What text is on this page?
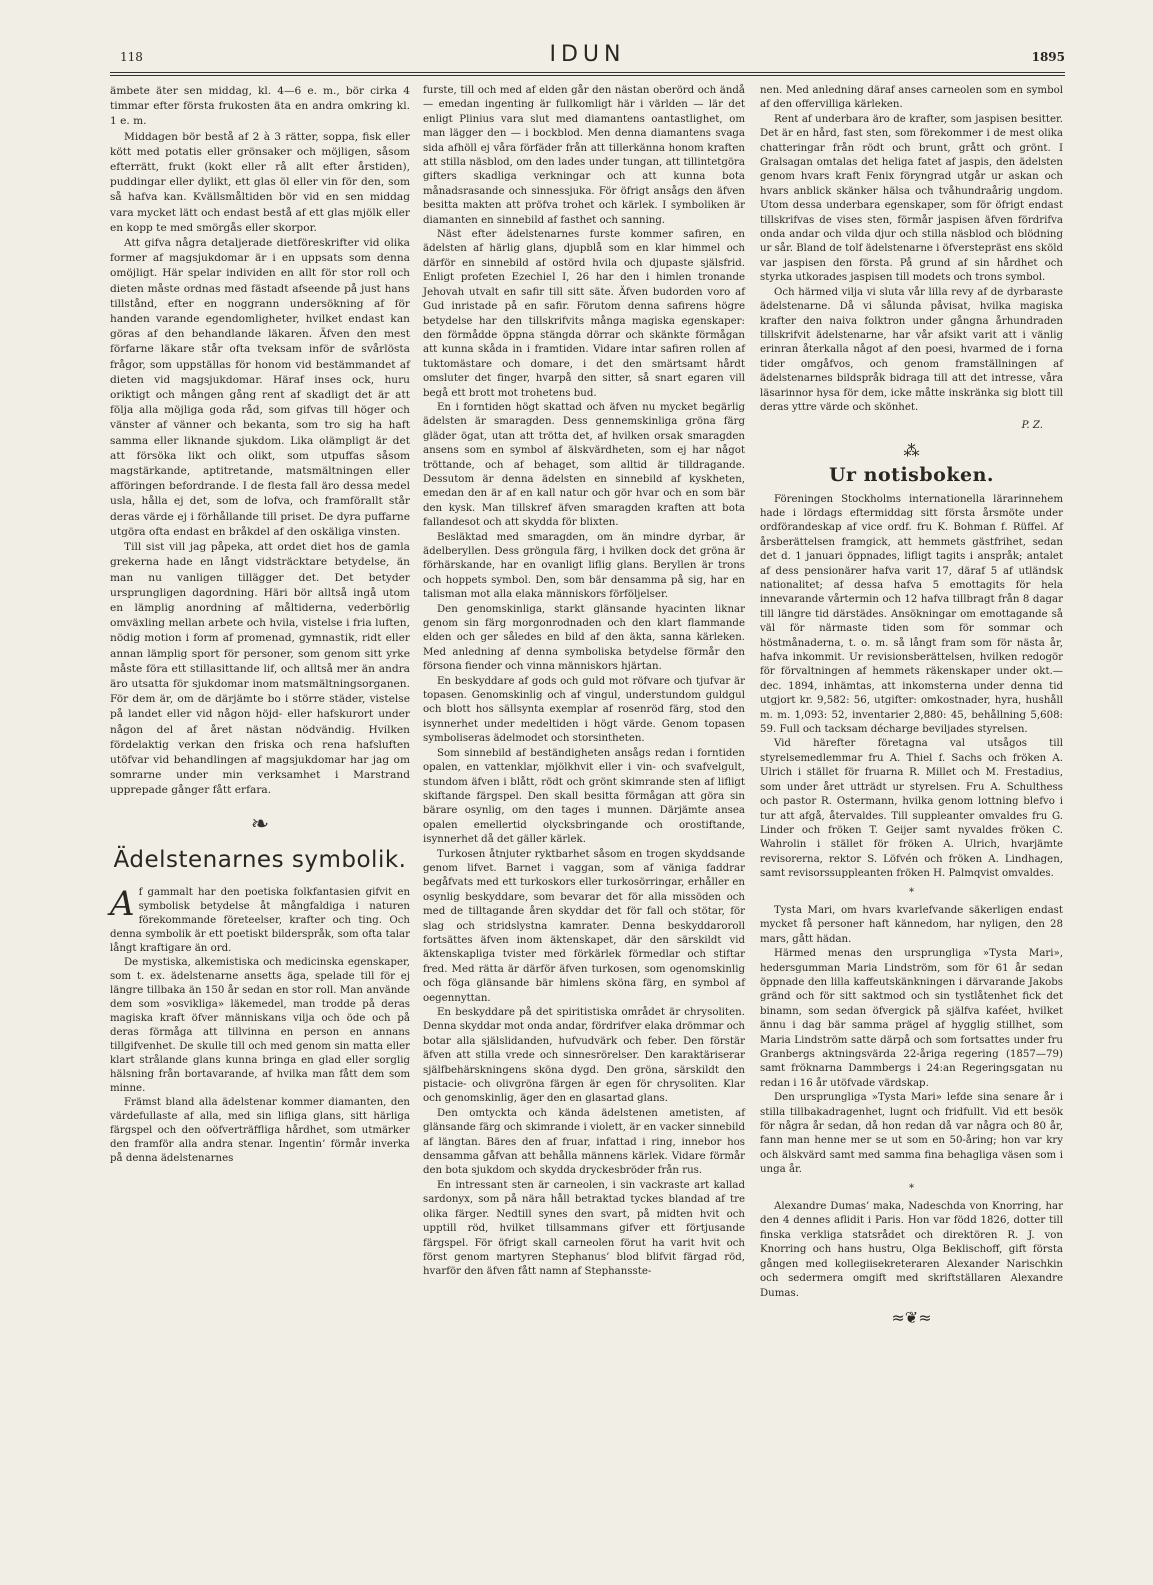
118	IDUN	1895

ämbete äter sen middag, kl. 4—6 e. m., bör cirka 4 timmar efter första frukosten äta en andra omkring kl. 1 e. m.

Middagen bör bestå af 2 à 3 rätter, soppa, fisk eller kött med potatis eller grönsaker och möjligen, såsom efterrätt, frukt (kokt eller rå allt efter årstiden), puddingar eller dylikt, ett glas öl eller vin för den, som så hafva kan. Kvällsmåltiden bör vid en sen middag vara mycket lätt och endast bestå af ett glas mjölk eller en kopp te med smörgås eller skorpor.

Att gifva några detaljerade dietföreskrifter vid olika former af magsjukdomar är i en uppsats som denna omöjligt. Här spelar individen en allt för stor roll och dieten måste ordnas med fästadt afseende på just hans tillstånd, efter en noggrann undersökning af för handen varande egendomligheter, hvilket endast kan göras af den behandlande läkaren. Äfven den mest förfarne läkare står ofta tveksam inför de svårlösta frågor, som uppställas för honom vid bestämmandet af dieten vid magsjukdomar. Häraf inses ock, huru oriktigt och mången gång rent af skadligt det är att följa alla möjliga goda råd, som gifvas till höger och vänster af vänner och bekanta, som tro sig ha haft samma eller liknande sjukdom. Lika olämpligt är det att försöka likt och olikt, som utpuffas såsom magstärkande, aptitretande, matsmältningen eller afföringen befordrande. I de flesta fall äro dessa medel usla, hålla ej det, som de lofva, och framförallt står deras värde ej i förhållande till priset. De dyra puffarne utgöra ofta endast en bråkdel af den oskäliga vinsten.

Till sist vill jag påpeka, att ordet diet hos de gamla grekerna hade en långt vidsträcktare betydelse, än man nu vanligen tillägger det. Det betyder ursprungligen dagordning. Häri bör alltså ingå utom en lämplig anordning af måltiderna, vederbörlig omväxling mellan arbete och hvila, vistelse i fria luften, nödig motion i form af promenad, gymnastik, ridt eller annan lämplig sport för personer, som genom sitt yrke måste föra ett stillasittande lif, och alltså mer än andra äro utsatta för sjukdomar inom matsmältningsorganen. För dem är, om de därjämte bo i större städer, vistelse på landet eller vid någon höjd- eller hafskurort under någon del af året nästan nödvändig. Hvilken fördelaktig verkan den friska och rena hafsluften utöfvar vid behandlingen af magsjukdomar har jag om somrarne under min verksamhet i Marstrand upprepade gånger fått erfara.

❧
Ädelstenarnes symbolik.

Af gammalt har den poetiska folkfantasien gifvit en symbolisk betydelse åt mångfaldiga i naturen förekommande företeelser, krafter och ting. Och denna symbolik är ett poetiskt bilderspråk, som ofta talar långt kraftigare än ord.

De mystiska, alkemistiska och medicinska egenskaper, som t. ex. ädelstenarne ansetts äga, spelade till för ej längre tillbaka än 150 år sedan en stor roll. Man använde dem som »osvikliga» läkemedel, man trodde på deras magiska kraft öfver människans vilja och öde och på deras förmåga att tillvinna en person en annans tillgifvenhet. De skulle till och med genom sin matta eller klart strålande glans kunna bringa en glad eller sorglig hälsning från bortavarande, af hvilka man fått dem som minne.

Främst bland alla ädelstenar kommer diamanten, den värdefullaste af alla, med sin lifliga glans, sitt härliga färgspel och den oöfverträffliga hårdhet, som utmärker den framför alla andra stenar. Ingentin’ förmår inverka på denna ädelstenarnes

furste, till och med af elden går den nästan oberörd och ändå — emedan ingenting är fullkomligt här i världen — lär det enligt Plinius vara slut med diamantens oantastlighet, om man lägger den — i bockblod. Men denna diamantens svaga sida afhöll ej våra förfäder från att tillerkänna honom kraften att stilla näsblod, om den lades under tungan, att tillintetgöra gifters skadliga verkningar och att kunna bota månadsrasande och sinnessjuka. För öfrigt ansågs den äfven besitta makten att pröfva trohet och kärlek. I symboliken är diamanten en sinnebild af fasthet och sanning.

Näst efter ädelstenarnes furste kommer safiren, en ädelsten af härlig glans, djupblå som en klar himmel och därför en sinnebild af ostörd hvila och djupaste själsfrid. Enligt profeten Ezechiel I, 26 har den i himlen tronande Jehovah utvalt en safir till sitt säte. Äfven budorden voro af Gud inristade på en safir. Förutom denna safirens högre betydelse har den tillskrifvits många magiska egenskaper: den förmådde öppna stängda dörrar och skänkte förmågan att kunna skåda in i framtiden. Vidare intar safiren rollen af tuktomästare och domare, i det den smärtsamt hårdt omsluter det finger, hvarpå den sitter, så snart egaren vill begå ett brott mot trohetens bud.

En i forntiden högt skattad och äfven nu mycket begärlig ädelsten är smaragden. Dess gennemskinliga gröna färg gläder ögat, utan att trötta det, af hvilken orsak smaragden ansens som en symbol af älskvärdheten, som ej har något tröttande, och af behaget, som alltid är tilldragande. Dessutom är denna ädelsten en sinnebild af kyskheten, emedan den är af en kall natur och gör hvar och en som bär den kysk. Man tillskref äfven smaragden kraften att bota fallandesot och att skydda för blixten.

Besläktad med smaragden, om än mindre dyrbar, är ädelberyllen. Dess gröngula färg, i hvilken dock det gröna är förhärskande, har en ovanligt liflig glans. Beryllen är trons och hoppets symbol. Den, som bär densamma på sig, har en talisman mot alla elaka människors förföljelser.

Den genomskinliga, starkt glänsande hyacinten liknar genom sin färg morgonrodnaden och den klart flammande elden och ger således en bild af den äkta, sanna kärleken. Med anledning af denna symboliska betydelse förmår den försona fiender och vinna människors hjärtan.

En beskyddare af gods och guld mot röfvare och tjufvar är topasen. Genomskinlig och af vingul, understundom guldgul och blott hos sällsynta exemplar af rosenröd färg, stod den isynnerhet under medeltiden i högt värde. Genom topasen symboliseras ädelmodet och storsintheten.

Som sinnebild af beständigheten ansågs redan i forntiden opalen, en vattenklar, mjölkhvit eller i vin- och svafvelgult, stundom äfven i blått, rödt och grönt skimrande sten af lifligt skiftande färgspel. Den skall besitta förmågan att göra sin bärare osynlig, om den tages i munnen. Därjämte ansea opalen emellertid olycksbringande och orostiftande, isynnerhet då det gäller kärlek.

Turkosen åtnjuter ryktbarhet såsom en trogen skyddsande genom lifvet. Barnet i vaggan, som af väniga faddrar begåfvats med ett turkoskors eller turkosörringar, erhåller en osynlig beskyddare, som bevarar det för alla missöden och med de tilltagande åren skyddar det för fall och stötar, för slag och stridslystna kamrater. Denna beskyddaroroll fortsättes äfven inom äktenskapet, där den särskildt vid äktenskapliga tvister med förkärlek förmedlar och stiftar fred. Med rätta är därför äfven turkosen, som ogenomskinlig och föga glänsande bär himlens sköna färg, en symbol af oegennyttan.

En beskyddare på det spiritistiska området är chrysoliten. Denna skyddar mot onda andar, fördrifver elaka drömmar och botar alla själslidanden, hufvudvärk och feber. Den förstär äfven att stilla vrede och sinnesrörelser. Den karaktäriserar själfbehärskningens sköna dygd. Den gröna, särskildt den pistacie- och olivgröna färgen är egen för chrysoliten. Klar och genomskinlig, äger den en glasartad glans.

Den omtyckta och kända ädelstenen ametisten, af glänsande färg och skimrande i violett, är en vacker sinnebild af längtan. Bäres den af fruar, infattad i ring, innebor hos densamma gåfvan att behålla männens kärlek. Vidare förmår den bota sjukdom och skydda dryckesbröder från rus.

En intressant sten är carneolen, i sin vackraste art kallad sardonyx, som på nära håll betraktad tyckes blandad af tre olika färger. Nedtill synes den svart, på midten hvit och upptill röd, hvilket tillsammans gifver ett förtjusande färgspel. För öfrigt skall carneolen förut ha varit hvit och först genom martyren Stephanus’ blod blifvit färgad röd, hvarför den äfven fått namn af Stephansste-

nen. Med anledning däraf anses carneolen som en symbol af den offervilliga kärleken.

Rent af underbara äro de krafter, som jaspisen besitter. Det är en hård, fast sten, som förekommer i de mest olika chatteringar från rödt och brunt, grått och grönt. I Gralsagan omtalas det heliga fatet af jaspis, den ädelsten genom hvars kraft Fenix föryngrad utgår ur askan och hvars anblick skänker hälsa och tvåhundraårig ungdom. Utom dessa underbara egenskaper, som för öfrigt endast tillskrifvas de vises sten, förmår jaspisen äfven fördrifva onda andar och vilda djur och stilla näsblod och blödning ur sår. Bland de tolf ädelstenarne i öfverstepräst ens sköld var jaspisen den första. På grund af sin hårdhet och styrka utkorades jaspisen till modets och trons symbol.

Och härmed vilja vi sluta vår lilla revy af de dyrbaraste ädelstenarne. Då vi sålunda påvisat, hvilka magiska krafter den naiva folktron under gångna århundraden tillskrifvit ädelstenarne, har vår afsikt varit att i vänlig erinran återkalla något af den poesi, hvarmed de i forna tider omgåfvos, och genom framställningen af ädelstenarnes bildspråk bidraga till att det intresse, våra läsarinnor hysa för dem, icke måtte inskränka sig blott till deras yttre värde och skönhet.

P. Z.
⁂
Ur notisboken.

Föreningen Stockholms internationella lärarinnehem hade i lördags eftermiddag sitt första årsmöte under ordförandeskap af vice ordf. fru K. Bohman f. Rüffel. Af årsberättelsen framgick, att hemmets gästfrihet, sedan det d. 1 januari öppnades, lifligt tagits i anspråk; antalet af dess pensionärer hafva varit 17, däraf 5 af utländsk nationalitet; af dessa hafva 5 emottagits för hela innevarande vårtermin och 12 hafva tillbragt från 8 dagar till längre tid därstädes. Ansökningar om emottagande så väl för närmaste tiden som för sommar och höstmånaderna, t. o. m. så långt fram som för nästa år, hafva inkommit. Ur revisionsberättelsen, hvilken redogör för förvaltningen af hemmets räkenskaper under okt.—dec. 1894, inhämtas, att inkomsterna under denna tid utgjort kr. 9,582: 56, utgifter: omkostnader, hyra, hushåll m. m. 1,093: 52, inventarier 2,880: 45, behållning 5,608: 59. Full och tacksam décharge beviljades styrelsen.

Vid härefter företagna val utsågos till styrelsemedlemmar fru A. Thiel f. Sachs och fröken A. Ulrich i stället för fruarna R. Millet och M. Frestadius, som under året utträdt ur styrelsen. Fru A. Schulthess och pastor R. Ostermann, hvilka genom lottning blefvo i tur att afgå, återvaldes. Till suppleanter omvaldes fru G. Linder och fröken T. Geijer samt nyvaldes fröken C. Wahrolin i stället för fröken A. Ulrich, hvarjämte revisorerna, rektor S. Löfvén och fröken A. Lindhagen, samt revisorssuppleanten fröken H. Palmqvist omvaldes.

*

Tysta Mari, om hvars kvarlefvande säkerligen endast mycket få personer haft kännedom, har nyligen, den 28 mars, gått hädan.

Härmed menas den ursprungliga »Tysta Mari», hedersgumman Maria Lindström, som för 61 år sedan öppnade den lilla kaffeutskänkningen i därvarande Jakobs gränd och för sitt saktmod och sin tystlåtenhet fick det binamn, som sedan öfvergick på själfva kaféet, hvilket ännu i dag bär samma prägel af hygglig stillhet, som Maria Lindström satte därpå och som fortsattes under fru Granbergs aktningsvärda 22-åriga regering (1857—79) samt fröknarna Dammbergs i 24:an Regeringsgatan nu redan i 16 år utöfvade värdskap.

Den ursprungliga »Tysta Mari» lefde sina senare år i stilla tillbakadragenhet, lugnt och fridfullt. Vid ett besök för några år sedan, då hon redan då var några och 80 år, fann man henne mer se ut som en 50-åring; hon var kry och älskvärd samt med samma fina behagliga väsen som i unga år.

*

Alexandre Dumas’ maka, Nadeschda von Knorring, har den 4 dennes aflidit i Paris. Hon var född 1826, dotter till finska verkliga statsrådet och direktören R. J. von Knorring och hans hustru, Olga Beklischoff, gift första gången med kollegiisekreteraren Alexander Narischkin och sedermera omgift med skriftställaren Alexandre Dumas.

≈❦≈
